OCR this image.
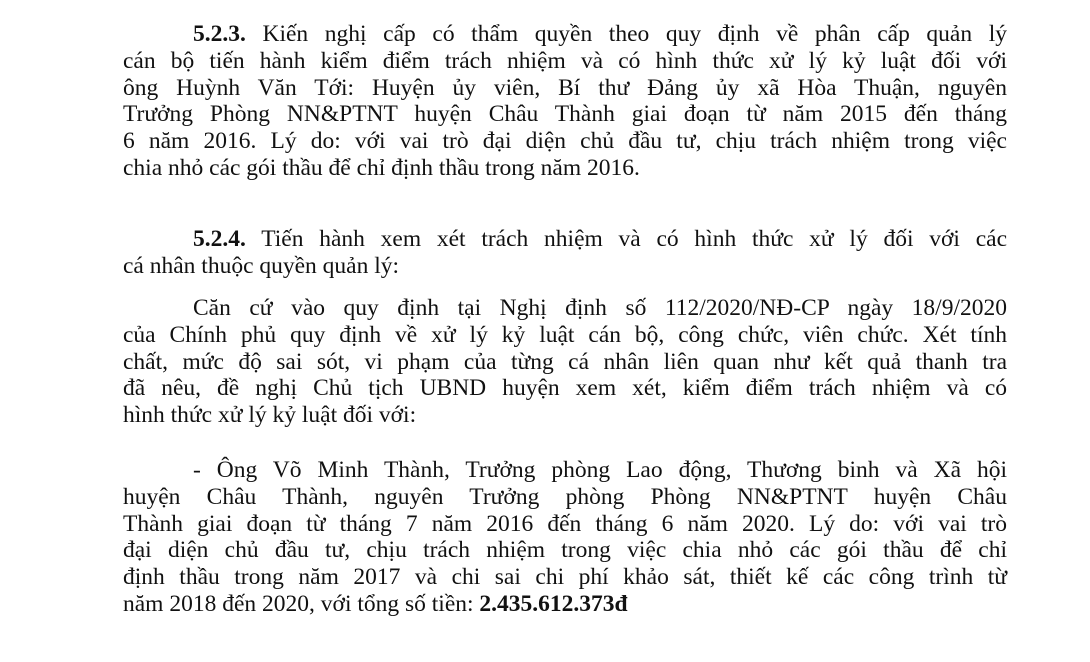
5.2.3. Kiến nghị cấp có thẩm quyền theo quy định về phân cấp quản lý
cán bộ tiến hành kiểm điểm trách nhiệm và có hình thức xử lý kỷ luật đối với
ông Huỳnh Văn Tới: Huyện ủy viên, Bí thư Đảng ủy xã Hòa Thuận, nguyên
Trưởng Phòng NN&PTNT huyện Châu Thành giai đoạn từ năm 2015 đến tháng
6 năm 2016. Lý do: với vai trò đại diện chủ đầu tư, chịu trách nhiệm trong việc
chia nhỏ các gói thầu để chỉ định thầu trong năm 2016.
5.2.4. Tiến hành xem xét trách nhiệm và có hình thức xử lý đối với các
cá nhân thuộc quyền quản lý:
Căn cứ vào quy định tại Nghị định số 112/2020/NĐ-CP ngày 18/9/2020
của Chính phủ quy định về xử lý kỷ luật cán bộ, công chức, viên chức. Xét tính
chất, mức độ sai sót, vi phạm của từng cá nhân liên quan như kết quả thanh tra
đã nêu, đề nghị Chủ tịch UBND huyện xem xét, kiểm điểm trách nhiệm và có
hình thức xử lý kỷ luật đối với:
- Ông Võ Minh Thành, Trưởng phòng Lao động, Thương binh và Xã hội
huyện Châu Thành, nguyên Trưởng phòng Phòng NN&PTNT huyện Châu
Thành giai đoạn từ tháng 7 năm 2016 đến tháng 6 năm 2020. Lý do: với vai trò
đại diện chủ đầu tư, chịu trách nhiệm trong việc chia nhỏ các gói thầu để chỉ
định thầu trong năm 2017 và chi sai chi phí khảo sát, thiết kế các công trình từ
năm 2018 đến 2020, với tổng số tiền: 2.435.612.373đ
